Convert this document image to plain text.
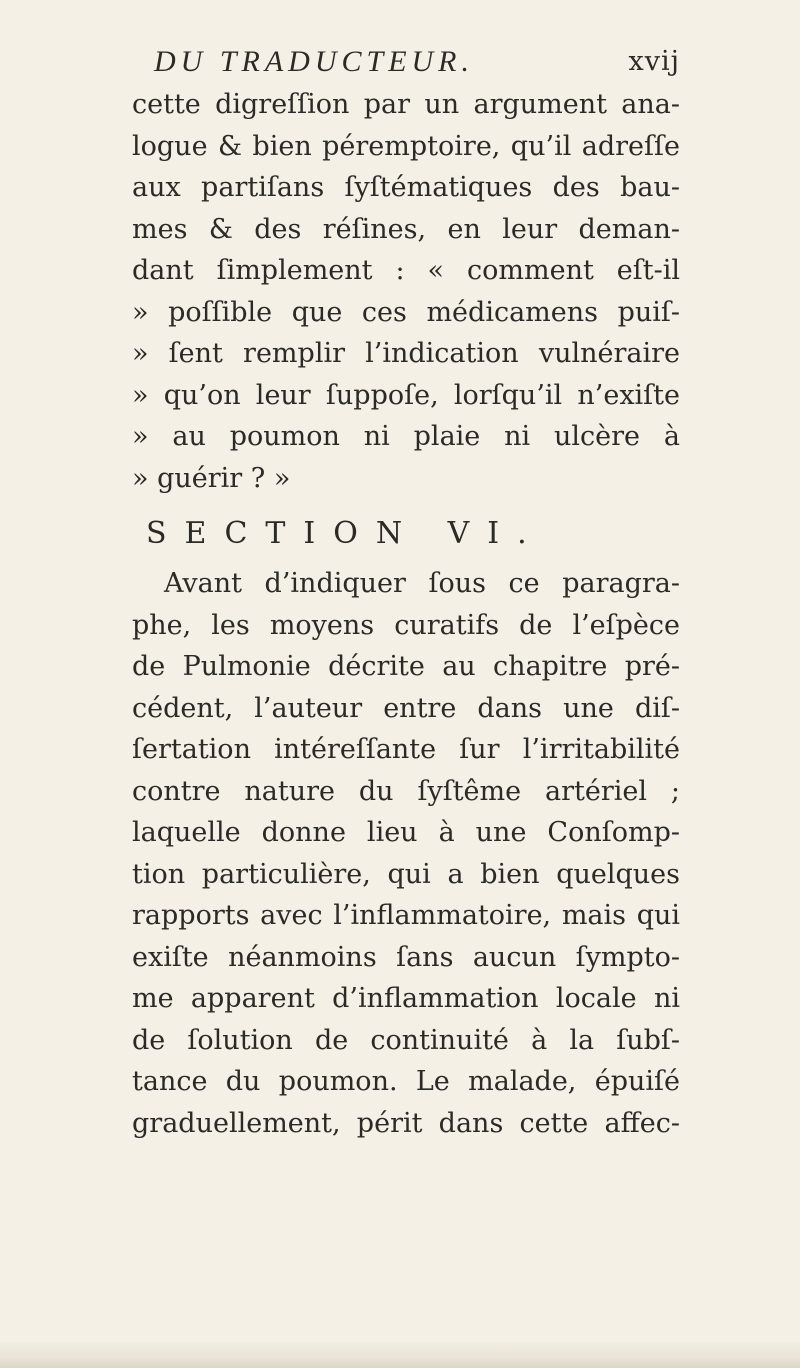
DU TRADUCTEUR.	xvij
cette digreſſion par un argument ana-
logue & bien péremptoire, qu’il adreſſe
aux partiſans ſyſtématiques des bau-
mes & des réſines, en leur deman-
dant ſimplement : « comment eſt-il
» poſſible que ces médicamens puiſ-
» ſent remplir l’indication vulnéraire
» qu’on leur ſuppoſe, lorſqu’il n’exiſte
» au poumon ni plaie ni ulcère à
» guérir ? »
SECTION VI.
Avant d’indiquer ſous ce paragra-
phe, les moyens curatifs de l’eſpèce
de Pulmonie décrite au chapitre pré-
cédent, l’auteur entre dans une diſ-
ſertation intéreſſante ſur l’irritabilité
contre nature du ſyſtême artériel ;
laquelle donne lieu à une Conſomp-
tion particulière, qui a bien quelques
rapports avec l’inflammatoire, mais qui
exiſte néanmoins ſans aucun ſympto-
me apparent d’inflammation locale ni
de ſolution de continuité à la ſubſ-
tance du poumon. Le malade, épuiſé
graduellement, périt dans cette affec-
